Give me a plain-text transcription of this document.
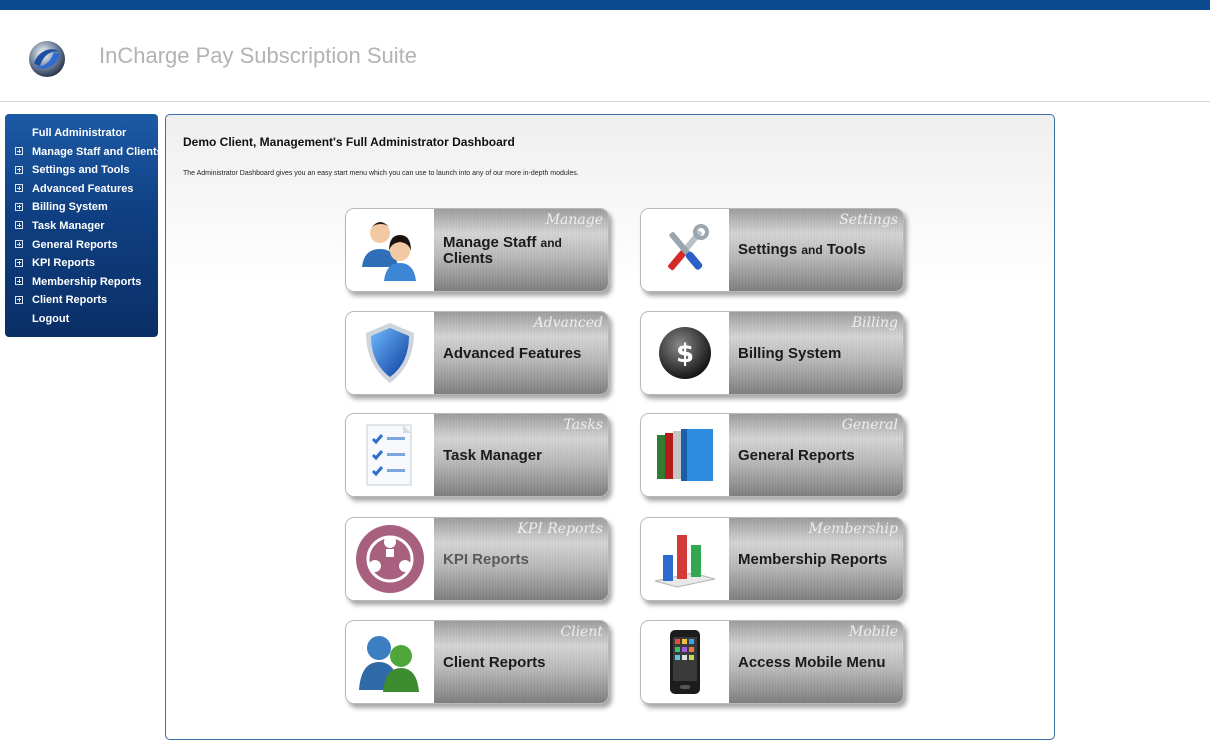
InCharge Pay Subscription Suite
Full Administrator
Manage Staff and Clients
Settings and Tools
Advanced Features
Billing System
Task Manager
General Reports
KPI Reports
Membership Reports
Client Reports
Logout
Demo Client, Management's Full Administrator Dashboard
The Administrator Dashboard gives you an easy start menu which you can use to launch into any of our more in-depth modules.
Manage
Manage Staff and
Clients
Settings
Settings and Tools
Advanced
Advanced Features	$
Billing
Billing System
Tasks
Task Manager
General
General Reports
KPI Reports
KPI Reports
Membership
Membership Reports
Client
Client Reports
Mobile
Access Mobile Menu
